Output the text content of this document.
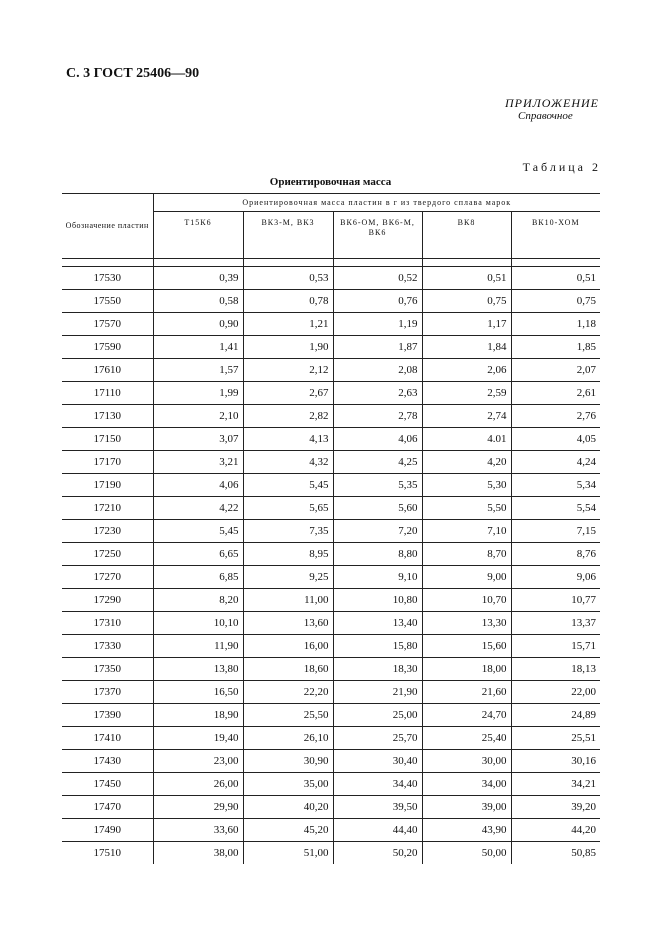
С. 3 ГОСТ 25406—90
ПРИЛОЖЕНИЕ
Справочное
Таблица 2
Ориентировочная масса
Обозначение пластин	Ориентировочная масса пластин в г из твердого сплава марок				
	Т15К6	ВК3-М, ВК3	ВК6-ОМ, ВК6-М, ВК6	ВК8	ВК10-ХОМ

17530	0,39	0,53	0,52	0,51	0,51
17550	0,58	0,78	0,76	0,75	0,75
17570	0,90	1,21	1,19	1,17	1,18
17590	1,41	1,90	1,87	1,84	1,85
17610	1,57	2,12	2,08	2,06	2,07
17110	1,99	2,67	2,63	2,59	2,61
17130	2,10	2,82	2,78	2,74	2,76
17150	3,07	4,13	4,06	4.01	4,05
17170	3,21	4,32	4,25	4,20	4,24
17190	4,06	5,45	5,35	5,30	5,34
17210	4,22	5,65	5,60	5,50	5,54
17230	5,45	7,35	7,20	7,10	7,15
17250	6,65	8,95	8,80	8,70	8,76
17270	6,85	9,25	9,10	9,00	9,06
17290	8,20	11,00	10,80	10,70	10,77
17310	10,10	13,60	13,40	13,30	13,37
17330	11,90	16,00	15,80	15,60	15,71
17350	13,80	18,60	18,30	18,00	18,13
17370	16,50	22,20	21,90	21,60	22,00
17390	18,90	25,50	25,00	24,70	24,89
17410	19,40	26,10	25,70	25,40	25,51
17430	23,00	30,90	30,40	30,00	30,16
17450	26,00	35,00	34,40	34,00	34,21
17470	29,90	40,20	39,50	39,00	39,20
17490	33,60	45,20	44,40	43,90	44,20
17510	38,00	51,00	50,20	50,00	50,85
